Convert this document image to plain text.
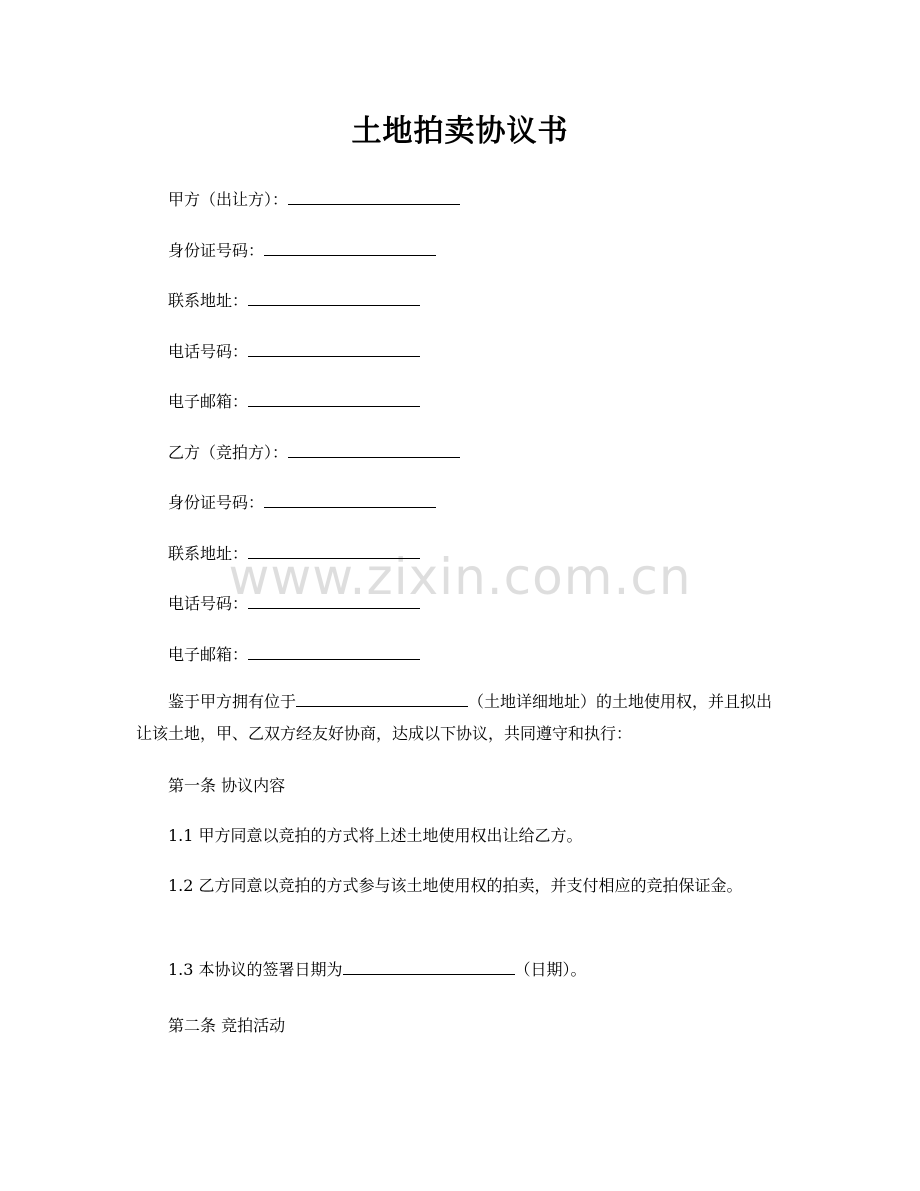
土地拍卖协议书
甲方（出让方）：
身份证号码：
联系地址：
电话号码：
电子邮箱：
乙方（竞拍方）：
身份证号码：
联系地址：
电话号码：
电子邮箱：

鉴于甲方拥有位于	（土地详细地址）的土地使用权，并且拟出让该土地，甲、乙双方经友好协商，达成以下协议，共同遵守和执行：

第一条 协议内容

1.1 甲方同意以竞拍的方式将上述土地使用权出让给乙方。

1.2 乙方同意以竞拍的方式参与该土地使用权的拍卖，并支付相应的竞拍保证金。

1.3 本协议的签署日期为	（日期）。

第二条 竞拍活动

www.zixin.com.cn
